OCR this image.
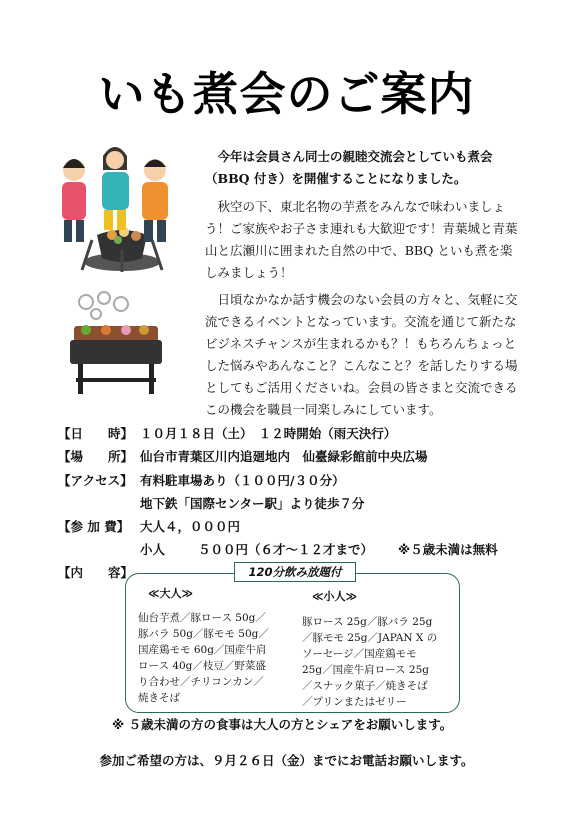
いも煮会のご案内
今年は会員さん同士の親睦交流会としていも煮会（BBQ 付き）を開催することになりました。
秋空の下、東北名物の芋煮をみんなで味わいましょう！ご家族やお子さま連れも大歓迎です！青葉城と青葉山と広瀬川に囲まれた自然の中で、BBQ といも煮を楽しみましょう！
日頃なかなか話す機会のない会員の方々と、気軽に交流できるイベントとなっています。交流を通じて新たなビジネスチャンスが生まれるかも？！もちろんちょっとした悩みやあんなこと？こんなこと？を話したりする場としてもご活用くださいね。会員の皆さまと交流できるこの機会を職員一同楽しみにしています。
【日　　時】 １０月１８日（土）　１２時開始（雨天決行）
【場　　所】 仙台市青葉区川内追廻地内　仙臺緑彩館前中央広場
【アクセス】 有料駐車場あり（１００円/３０分）
地下鉄「国際センター駅」より徒歩７分
【参 加 費】 大人４，０００円
小人	５００円（６才～１２才まで） ※５歳未満は無料
【内　　容】	120分飲み放題付
≪大人≫
仙台芋煮／豚ロース 50g／
豚バラ 50g／豚モモ 50g／
国産鶏モモ 60g／国産牛肩
ロース 40g／枝豆／野菜盛
り合わせ／チリコンカン／
焼きそば
≪小人≫
豚ロース 25g／豚バラ 25g
／豚モモ 25g／JAPAN X の
ソーセージ／国産鶏モモ
25g／国産牛肩ロース 25g
／スナック菓子／焼きそば
／プリンまたはゼリー
※ ５歳未満の方の食事は大人の方とシェアをお願いします。
参加ご希望の方は、９月２６日（金）までにお電話お願いします。
